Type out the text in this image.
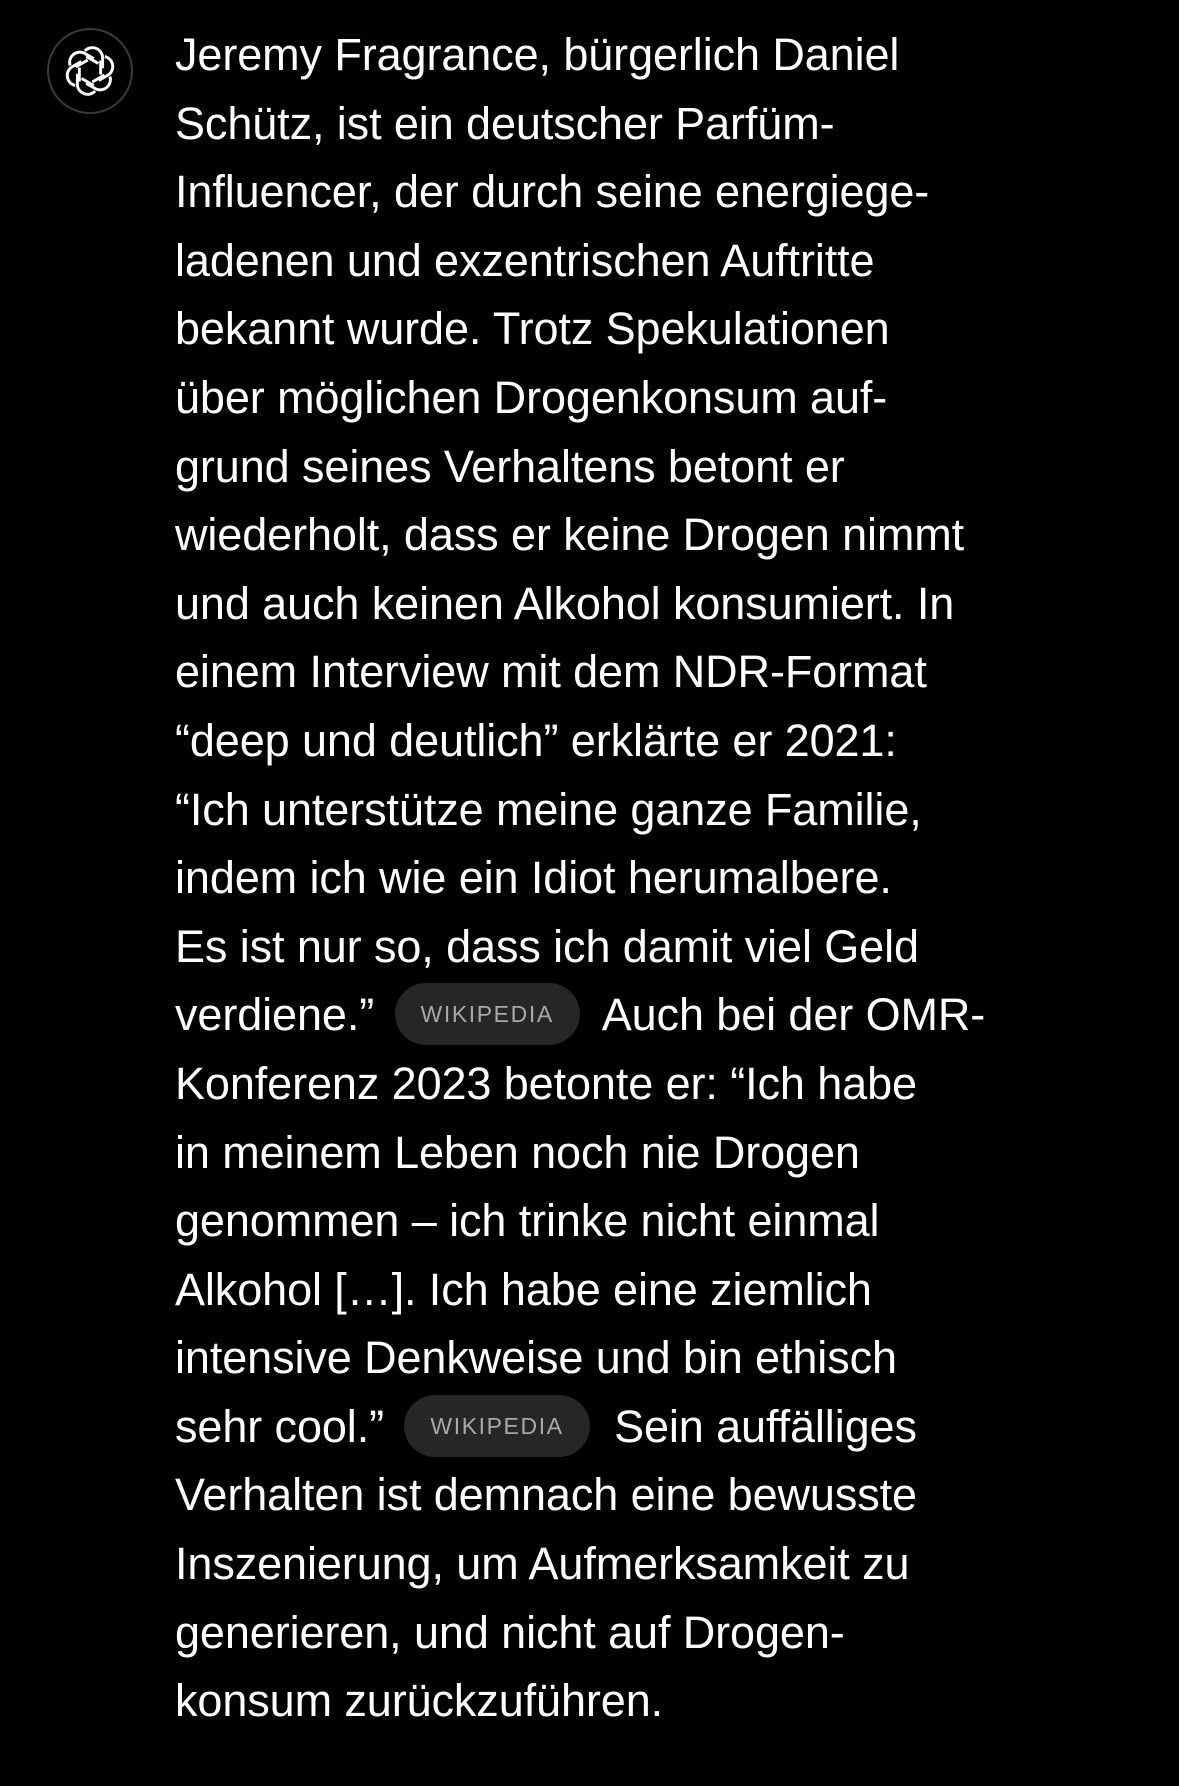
Jeremy Fragrance, bürgerlich Daniel
Schütz, ist ein deutscher Parfüm-
Influencer, der durch seine energiege-
ladenen und exzentrischen Auftritte
bekannt wurde. Trotz Spekulationen
über möglichen Drogenkonsum auf-
grund seines Verhaltens betont er
wiederholt, dass er keine Drogen nimmt
und auch keinen Alkohol konsumiert. In
einem Interview mit dem NDR-Format
“deep und deutlich” erklärte er 2021:
“Ich unterstütze meine ganze Familie,
indem ich wie ein Idiot herumalbere.
Es ist nur so, dass ich damit viel Geld
verdiene.” WIKIPEDIA Auch bei der OMR-
Konferenz 2023 betonte er: “Ich habe
in meinem Leben noch nie Drogen
genommen – ich trinke nicht einmal
Alkohol […]. Ich habe eine ziemlich
intensive Denkweise und bin ethisch
sehr cool.” WIKIPEDIA Sein auffälliges
Verhalten ist demnach eine bewusste
Inszenierung, um Aufmerksamkeit zu
generieren, und nicht auf Drogen-
konsum zurückzuführen.
